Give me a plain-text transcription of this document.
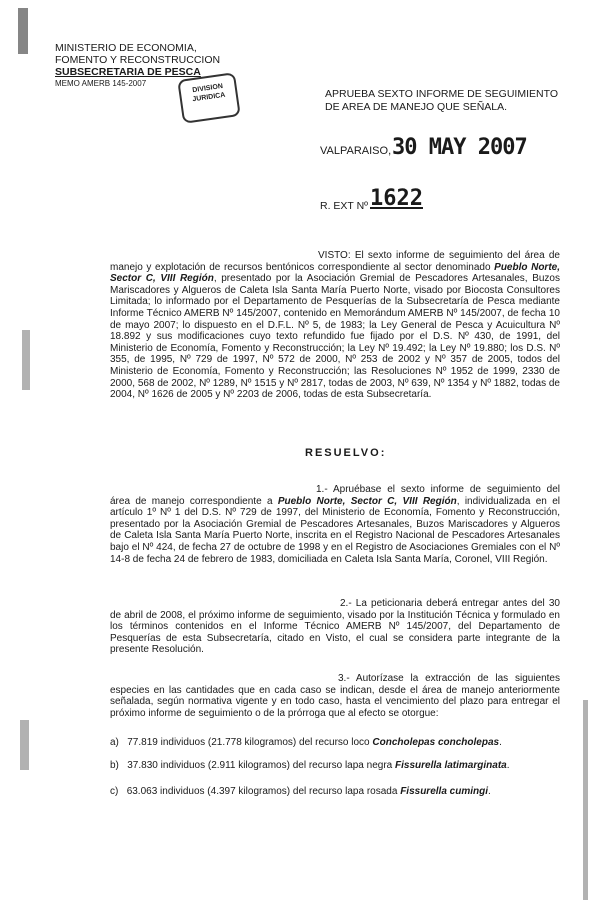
MINISTERIO DE ECONOMIA,
FOMENTO Y RECONSTRUCCION
SUBSECRETARIA DE PESCA
MEMO AMERB 145-2007	DIVISION
JURIDICA	APRUEBA SEXTO INFORME DE SEGUIMIENTO DE AREA DE MANEJO QUE SEÑALA.
VALPARAISO, 30 MAY 2007
R. EXT Nº 1622
VISTO: El sexto informe de seguimiento del área de manejo y explotación de recursos bentónicos correspondiente al sector denominado Pueblo Norte, Sector C, VIII Región, presentado por la Asociación Gremial de Pescadores Artesanales, Buzos Mariscadores y Algueros de Caleta Isla Santa María Puerto Norte, visado por Biocosta Consultores Limitada; lo informado por el Departamento de Pesquerías de la Subsecretaría de Pesca mediante Informe Técnico AMERB Nº 145/2007, contenido en Memorándum AMERB Nº 145/2007, de fecha 10 de mayo 2007; lo dispuesto en el D.F.L. Nº 5, de 1983; la Ley General de Pesca y Acuicultura Nº 18.892 y sus modificaciones cuyo texto refundido fue fijado por el D.S. Nº 430, de 1991, del Ministerio de Economía, Fomento y Reconstrucción; la Ley Nº 19.492; la Ley Nº 19.880; los D.S. Nº 355, de 1995, Nº 729 de 1997, Nº 572 de 2000, Nº 253 de 2002 y Nº 357 de 2005, todos del Ministerio de Economía, Fomento y Reconstrucción; las Resoluciones Nº 1952 de 1999, 2330 de 2000, 568 de 2002, Nº 1289, Nº 1515 y Nº 2817, todas de 2003, Nº 639, Nº 1354 y Nº 1882, todas de 2004, Nº 1626 de 2005 y Nº 2203 de 2006, todas de esta Subsecretaría.
RESUELVO:
1.- Apruébase el sexto informe de seguimiento del área de manejo correspondiente a Pueblo Norte, Sector C, VIII Región, individualizada en el artículo 1º Nº 1 del D.S. Nº 729 de 1997, del Ministerio de Economía, Fomento y Reconstrucción, presentado por la Asociación Gremial de Pescadores Artesanales, Buzos Mariscadores y Algueros de Caleta Isla Santa María Puerto Norte, inscrita en el Registro Nacional de Pescadores Artesanales bajo el Nº 424, de fecha 27 de octubre de 1998 y en el Registro de Asociaciones Gremiales con el Nº 14-8 de fecha 24 de febrero de 1983, domiciliada en Caleta Isla Santa María, Coronel, VIII Región.
2.- La peticionaria deberá entregar antes del 30 de abril de 2008, el próximo informe de seguimiento, visado por la Institución Técnica y formulado en los términos contenidos en el Informe Técnico AMERB Nº 145/2007, del Departamento de Pesquerías de esta Subsecretaría, citado en Visto, el cual se considera parte integrante de la presente Resolución.
3.- Autorízase la extracción de las siguientes especies en las cantidades que en cada caso se indican, desde el área de manejo anteriormente señalada, según normativa vigente y en todo caso, hasta el vencimiento del plazo para entregar el próximo informe de seguimiento o de la prórroga que al efecto se otorgue:
a) 77.819 individuos (21.778 kilogramos) del recurso loco Concholepas concholepas.
b) 37.830 individuos (2.911 kilogramos) del recurso lapa negra Fissurella latimarginata.
c) 63.063 individuos (4.397 kilogramos) del recurso lapa rosada Fissurella cumingi.
